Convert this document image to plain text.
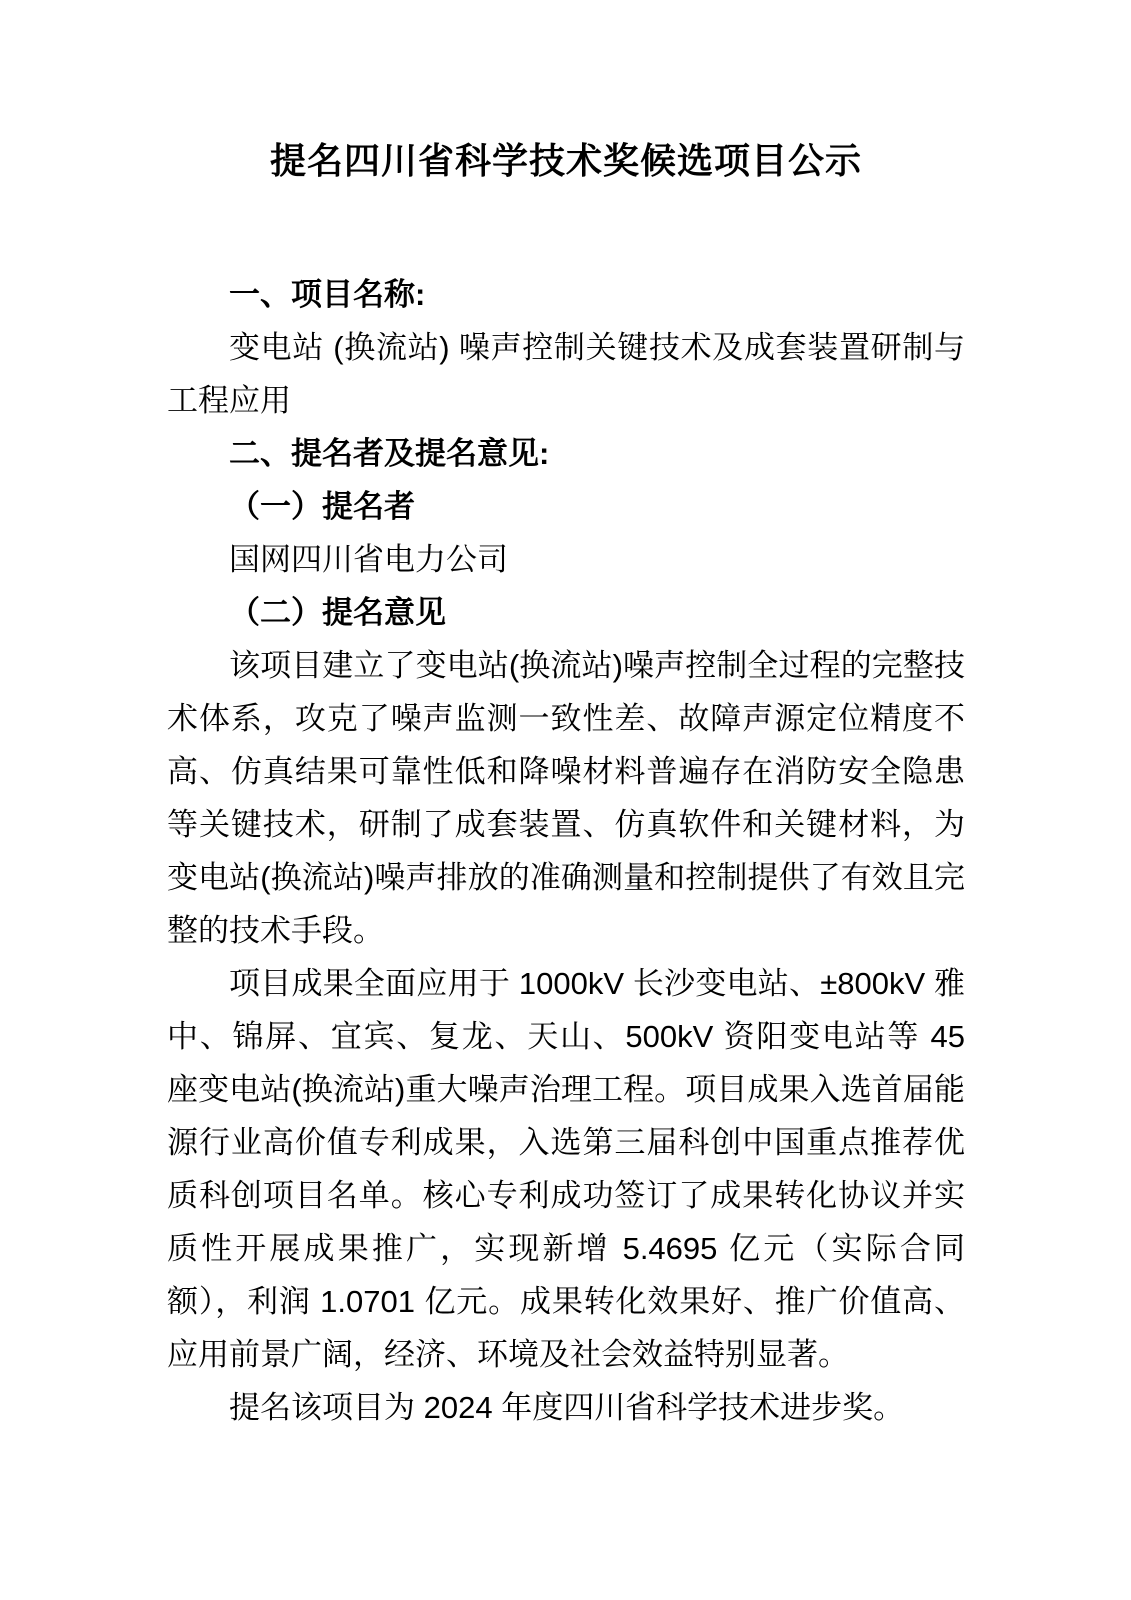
提名四川省科学技术奖候选项目公示

一、项目名称:

变电站 (换流站) 噪声控制关键技术及成套装置研制与工程应用

二、提名者及提名意见:

（一）提名者

国网四川省电力公司

（二）提名意见

该项目建立了变电站(换流站)噪声控制全过程的完整技术体系，攻克了噪声监测一致性差、故障声源定位精度不高、仿真结果可靠性低和降噪材料普遍存在消防安全隐患等关键技术，研制了成套装置、仿真软件和关键材料，为变电站(换流站)噪声排放的准确测量和控制提供了有效且完整的技术手段。

项目成果全面应用于 1000kV 长沙变电站、±800kV 雅中、锦屏、宜宾、复龙、天山、500kV 资阳变电站等 45 座变电站(换流站)重大噪声治理工程。项目成果入选首届能源行业高价值专利成果，入选第三届科创中国重点推荐优质科创项目名单。核心专利成功签订了成果转化协议并实质性开展成果推广，实现新增 5.4695 亿元（实际合同额），利润 1.0701 亿元。成果转化效果好、推广价值高、应用前景广阔，经济、环境及社会效益特别显著。

提名该项目为 2024 年度四川省科学技术进步奖。
